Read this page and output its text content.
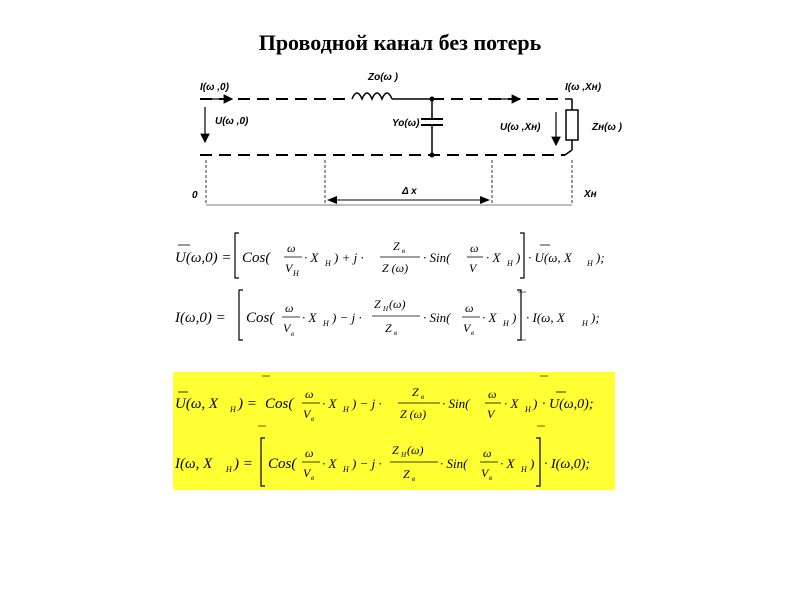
Проводной канал без потерь
I(ω ,0)
U(ω ,0)
Zo(ω )
Yo(ω)
I(ω ,Xн)
U(ω ,Xн)	Zн(ω )
0	Δ x	Xн
U(ω,0) = Cos(
ω
V H
· X H ) + j ·
Z в
Z (ω)
· Sin(
ω
V
· X H ) · U(ω, X H );
I(ω,0) = Cos(
ω
V в
· X H ) − j ·
Z H (ω)
Z в
· Sin(
ω
V в
· X H ) · I(ω, X H );
U(ω, X H ) = Cos(
ω
V в
· X H ) − j ·
Z в
Z (ω)
· Sin(
ω
V
· X H ) · U(ω,0);
I(ω, X H ) = Cos(
ω
V в
· X H ) − j ·
Z H (ω)
Z в
· Sin(
ω
V в
· X H ) · I(ω,0);
